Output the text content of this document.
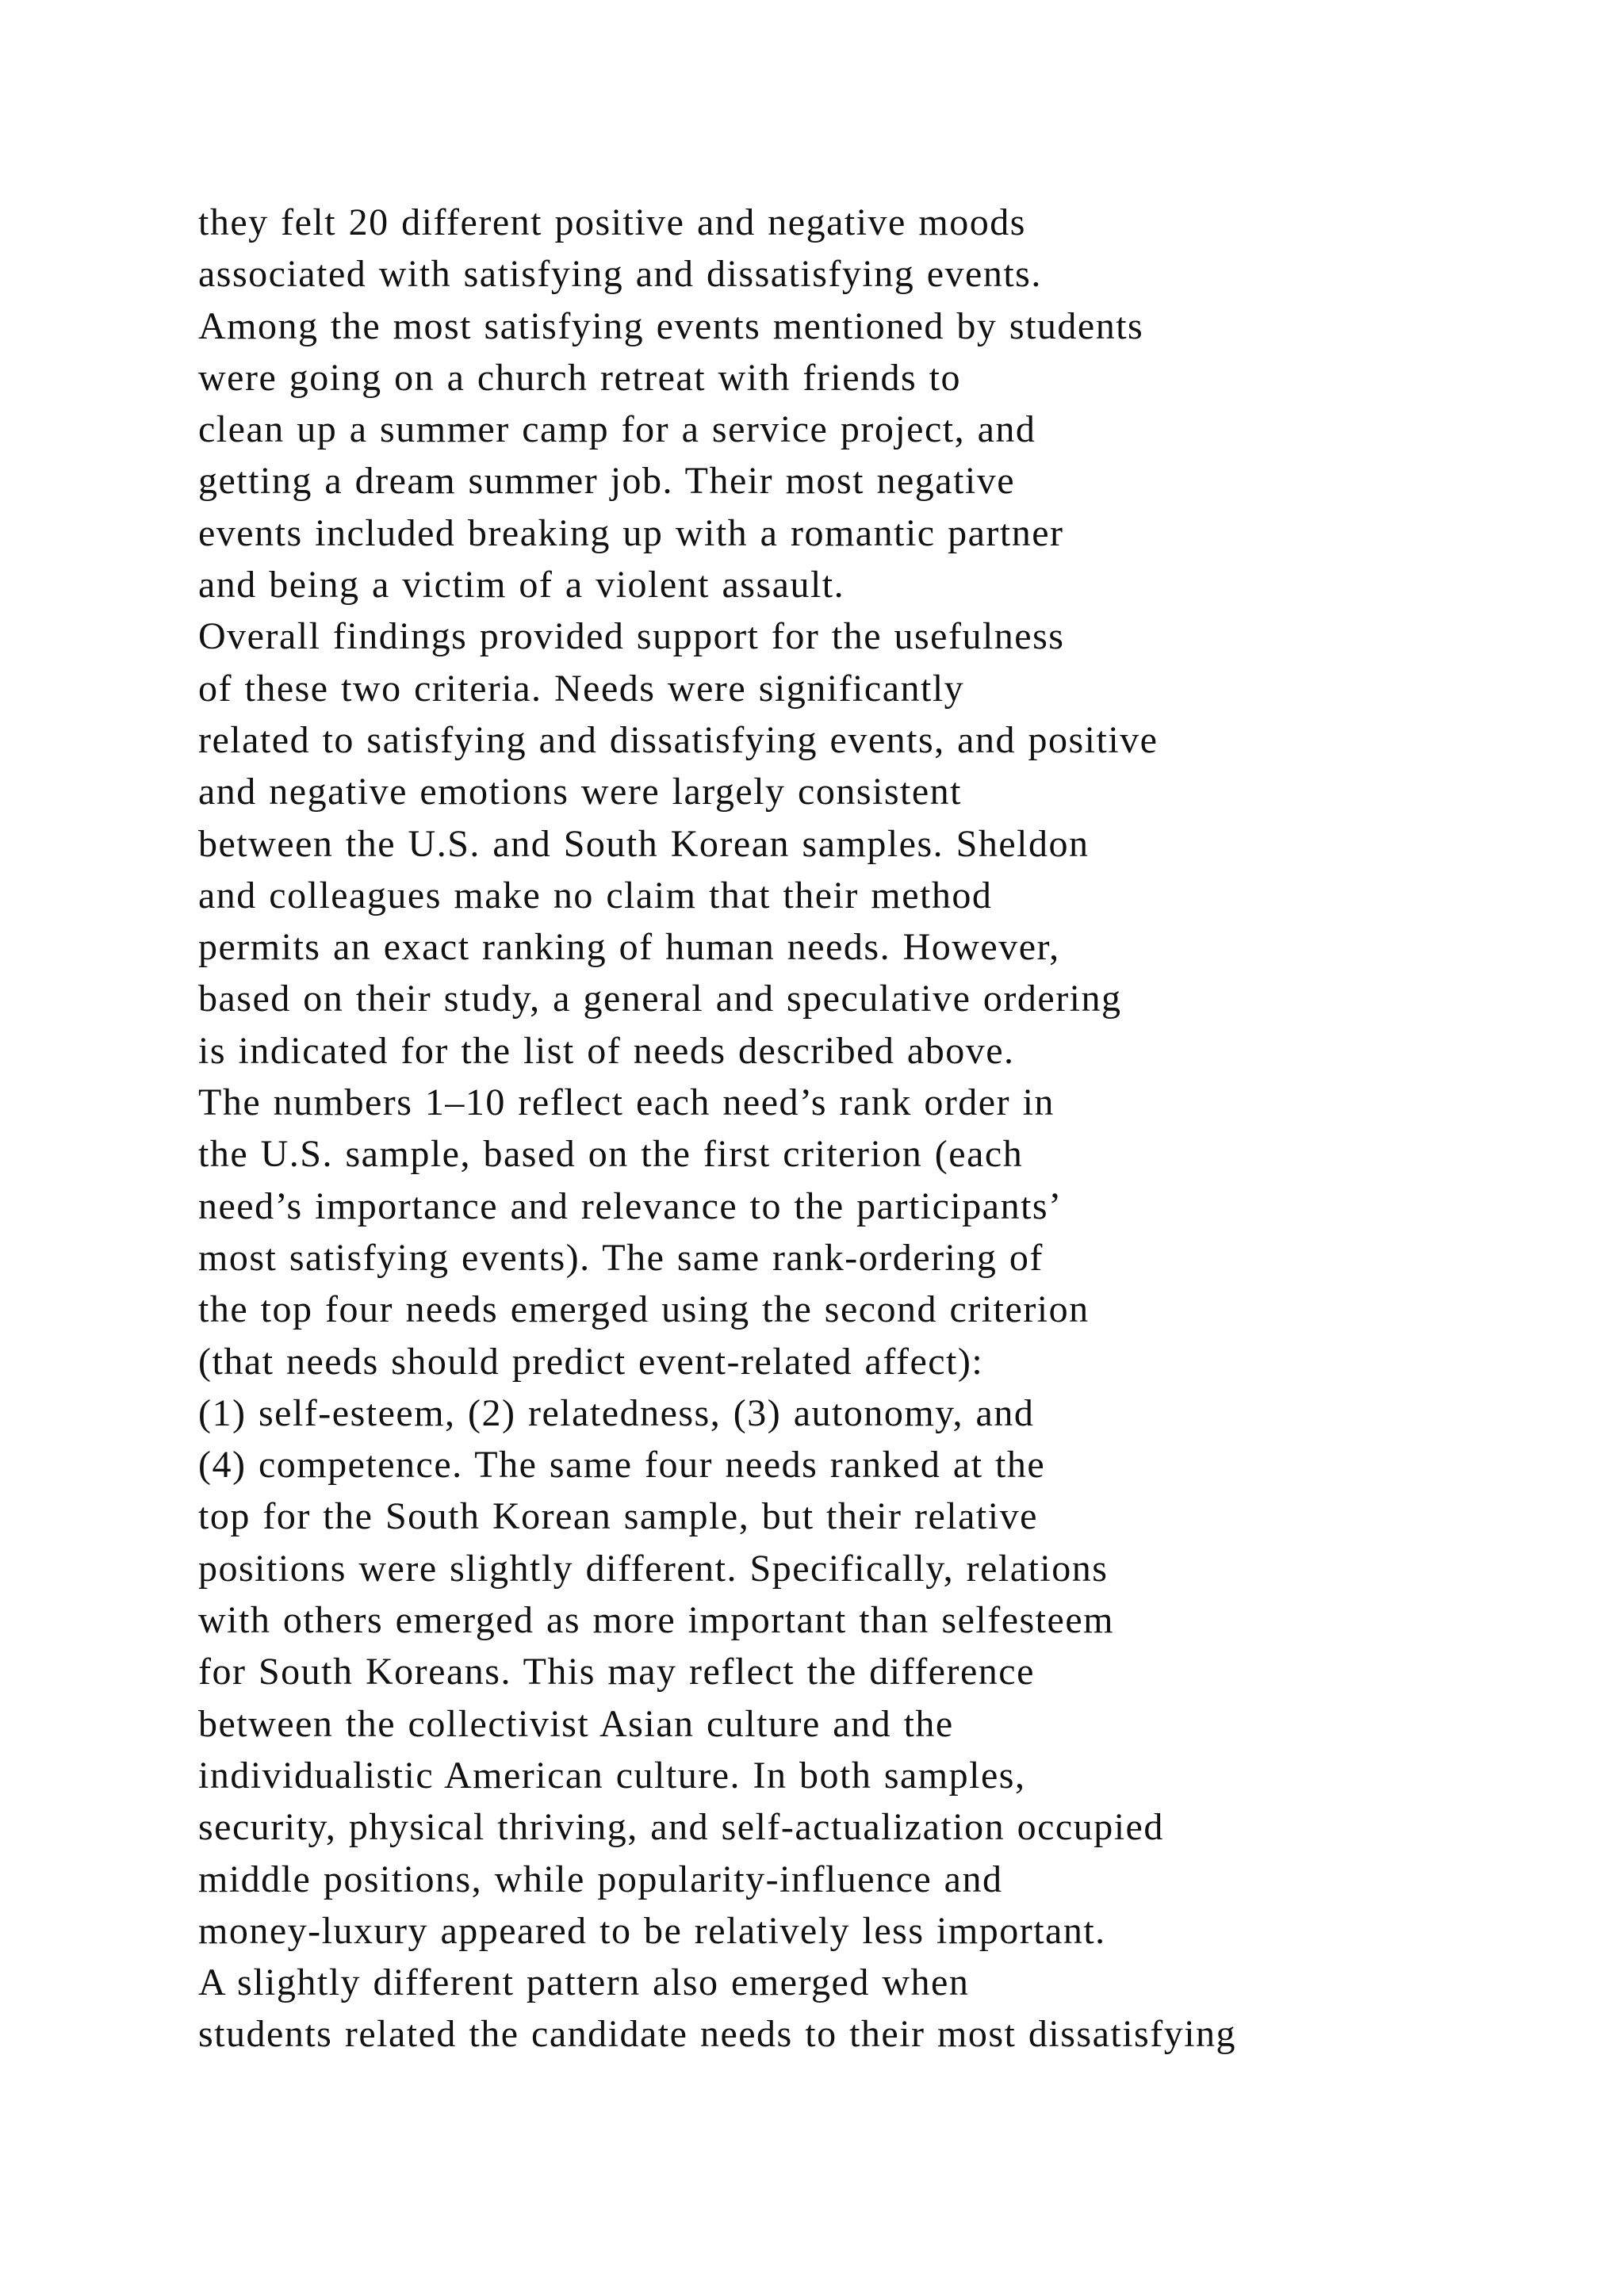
they felt 20 different positive and negative moods
associated with satisfying and dissatisfying events.
Among the most satisfying events mentioned by students
were going on a church retreat with friends to
clean up a summer camp for a service project, and
getting a dream summer job. Their most negative
events included breaking up with a romantic partner
and being a victim of a violent assault.
Overall findings provided support for the usefulness
of these two criteria. Needs were significantly
related to satisfying and dissatisfying events, and positive
and negative emotions were largely consistent
between the U.S. and South Korean samples. Sheldon
and colleagues make no claim that their method
permits an exact ranking of human needs. However,
based on their study, a general and speculative ordering
is indicated for the list of needs described above.
The numbers 1–10 reflect each need’s rank order in
the U.S. sample, based on the first criterion (each
need’s importance and relevance to the participants’
most satisfying events). The same rank-ordering of
the top four needs emerged using the second criterion
(that needs should predict event-related affect):
(1) self-esteem, (2) relatedness, (3) autonomy, and
(4) competence. The same four needs ranked at the
top for the South Korean sample, but their relative
positions were slightly different. Specifically, relations
with others emerged as more important than selfesteem
for South Koreans. This may reflect the difference
between the collectivist Asian culture and the
individualistic American culture. In both samples,
security, physical thriving, and self-actualization occupied
middle positions, while popularity-influence and
money-luxury appeared to be relatively less important.
A slightly different pattern also emerged when
students related the candidate needs to their most dissatisfying
